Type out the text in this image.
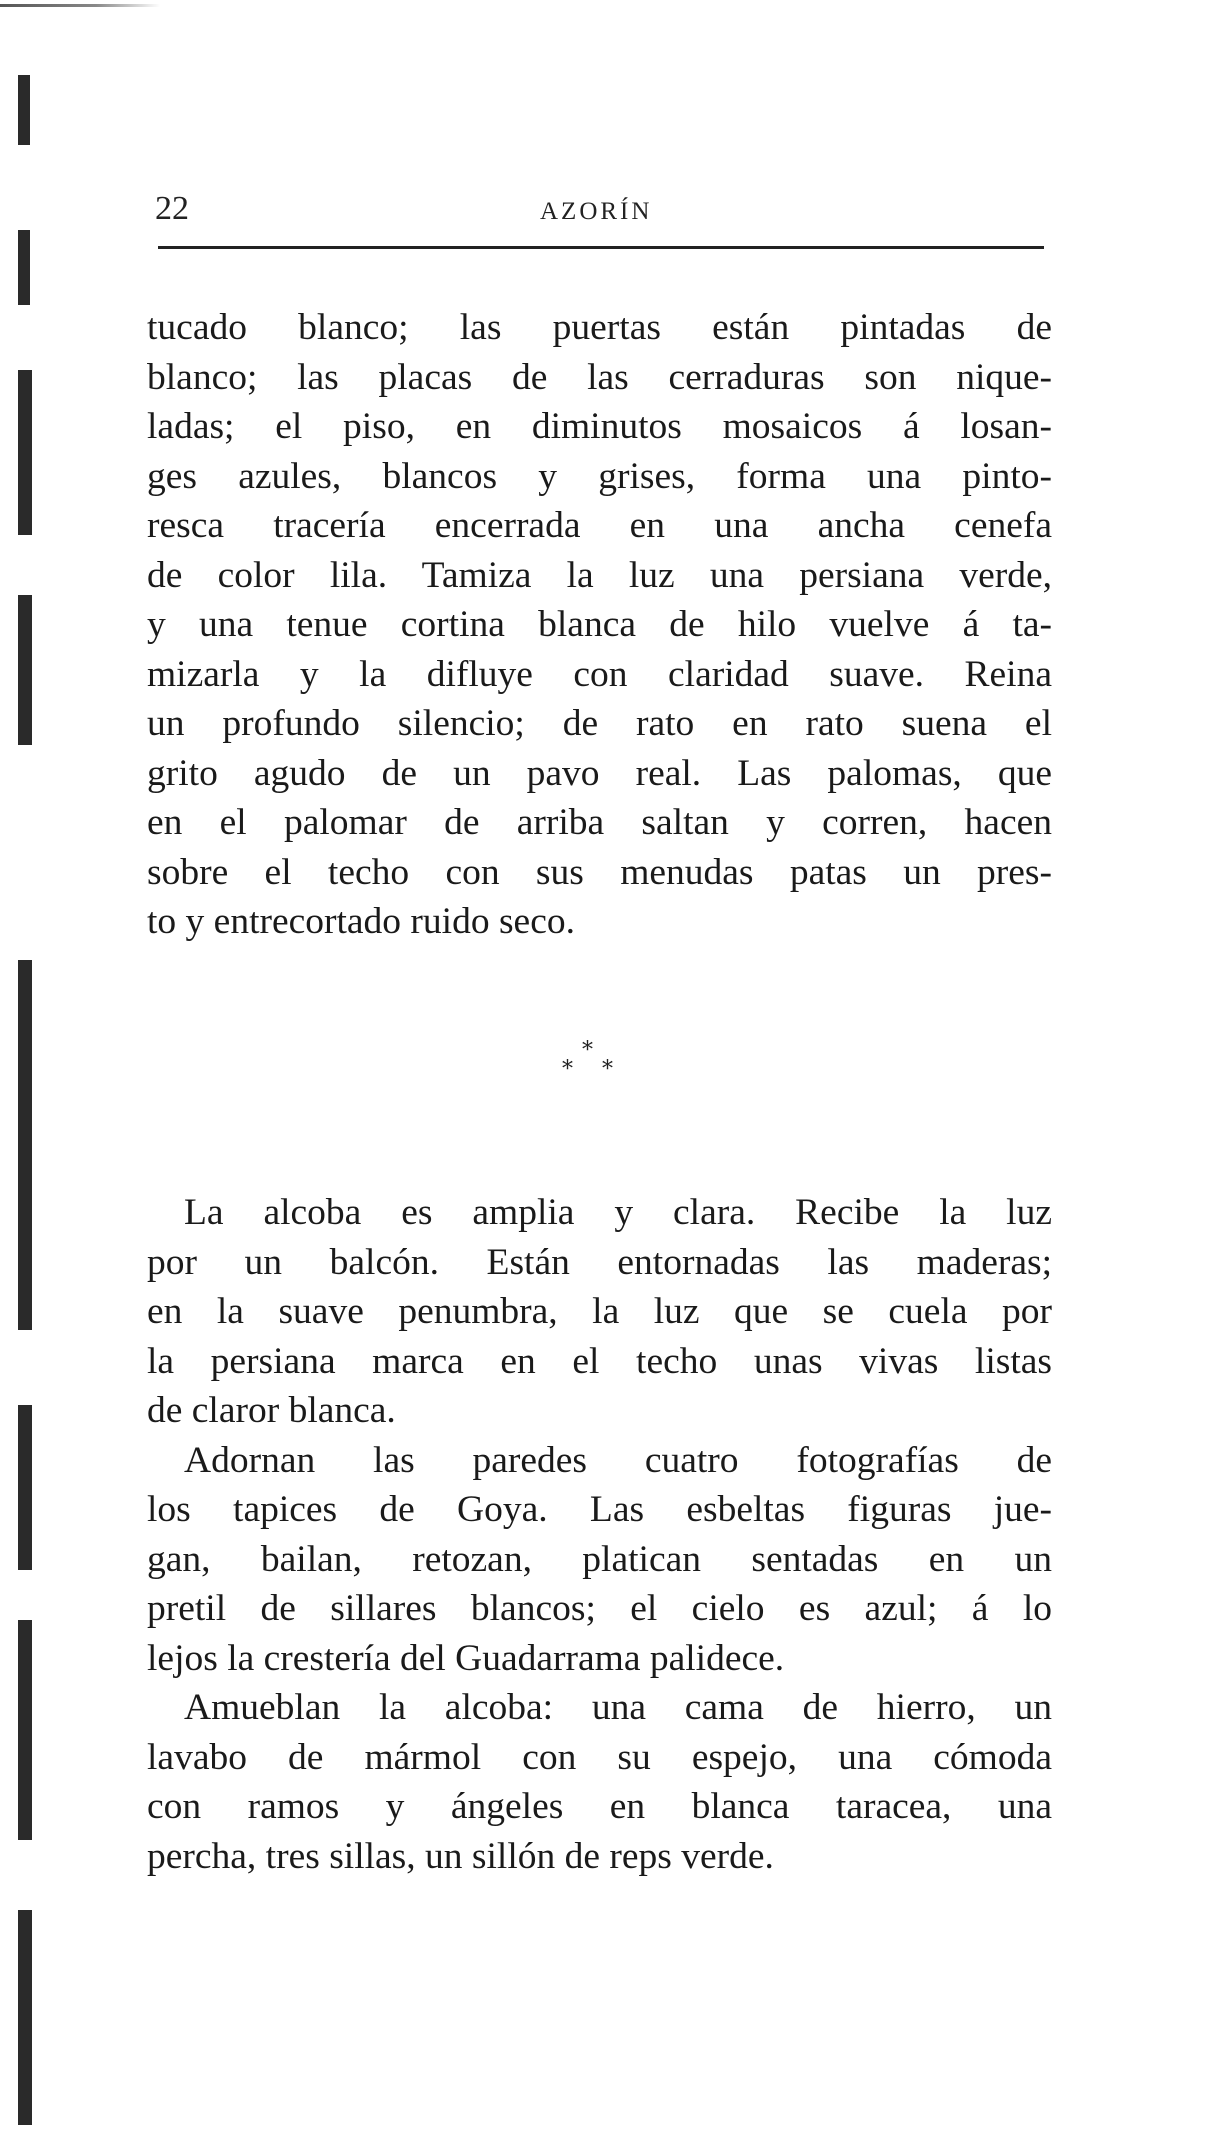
22	AZORÍN
tucado blanco; las puertas están pintadas de
blanco; las placas de las cerraduras son nique-
ladas; el piso, en diminutos mosaicos á losan-
ges azules, blancos y grises, forma una pinto-
resca tracería encerrada en una ancha cenefa
de color lila. Tamiza la luz una persiana verde,
y una tenue cortina blanca de hilo vuelve á ta-
mizarla y la difluye con claridad suave. Reina
un profundo silencio; de rato en rato suena el
grito agudo de un pavo real. Las palomas, que
en el palomar de arriba saltan y corren, hacen
sobre el techo con sus menudas patas un pres-
to y entrecortado ruido seco.
*
* *
La alcoba es amplia y clara. Recibe la luz
por un balcón. Están entornadas las maderas;
en la suave penumbra, la luz que se cuela por
la persiana marca en el techo unas vivas listas
de claror blanca.
Adornan las paredes cuatro fotografías de
los tapices de Goya. Las esbeltas figuras jue-
gan, bailan, retozan, platican sentadas en un
pretil de sillares blancos; el cielo es azul; á lo
lejos la crestería del Guadarrama palidece.
Amueblan la alcoba: una cama de hierro, un
lavabo de mármol con su espejo, una cómoda
con ramos y ángeles en blanca taracea, una
percha, tres sillas, un sillón de reps verde.
